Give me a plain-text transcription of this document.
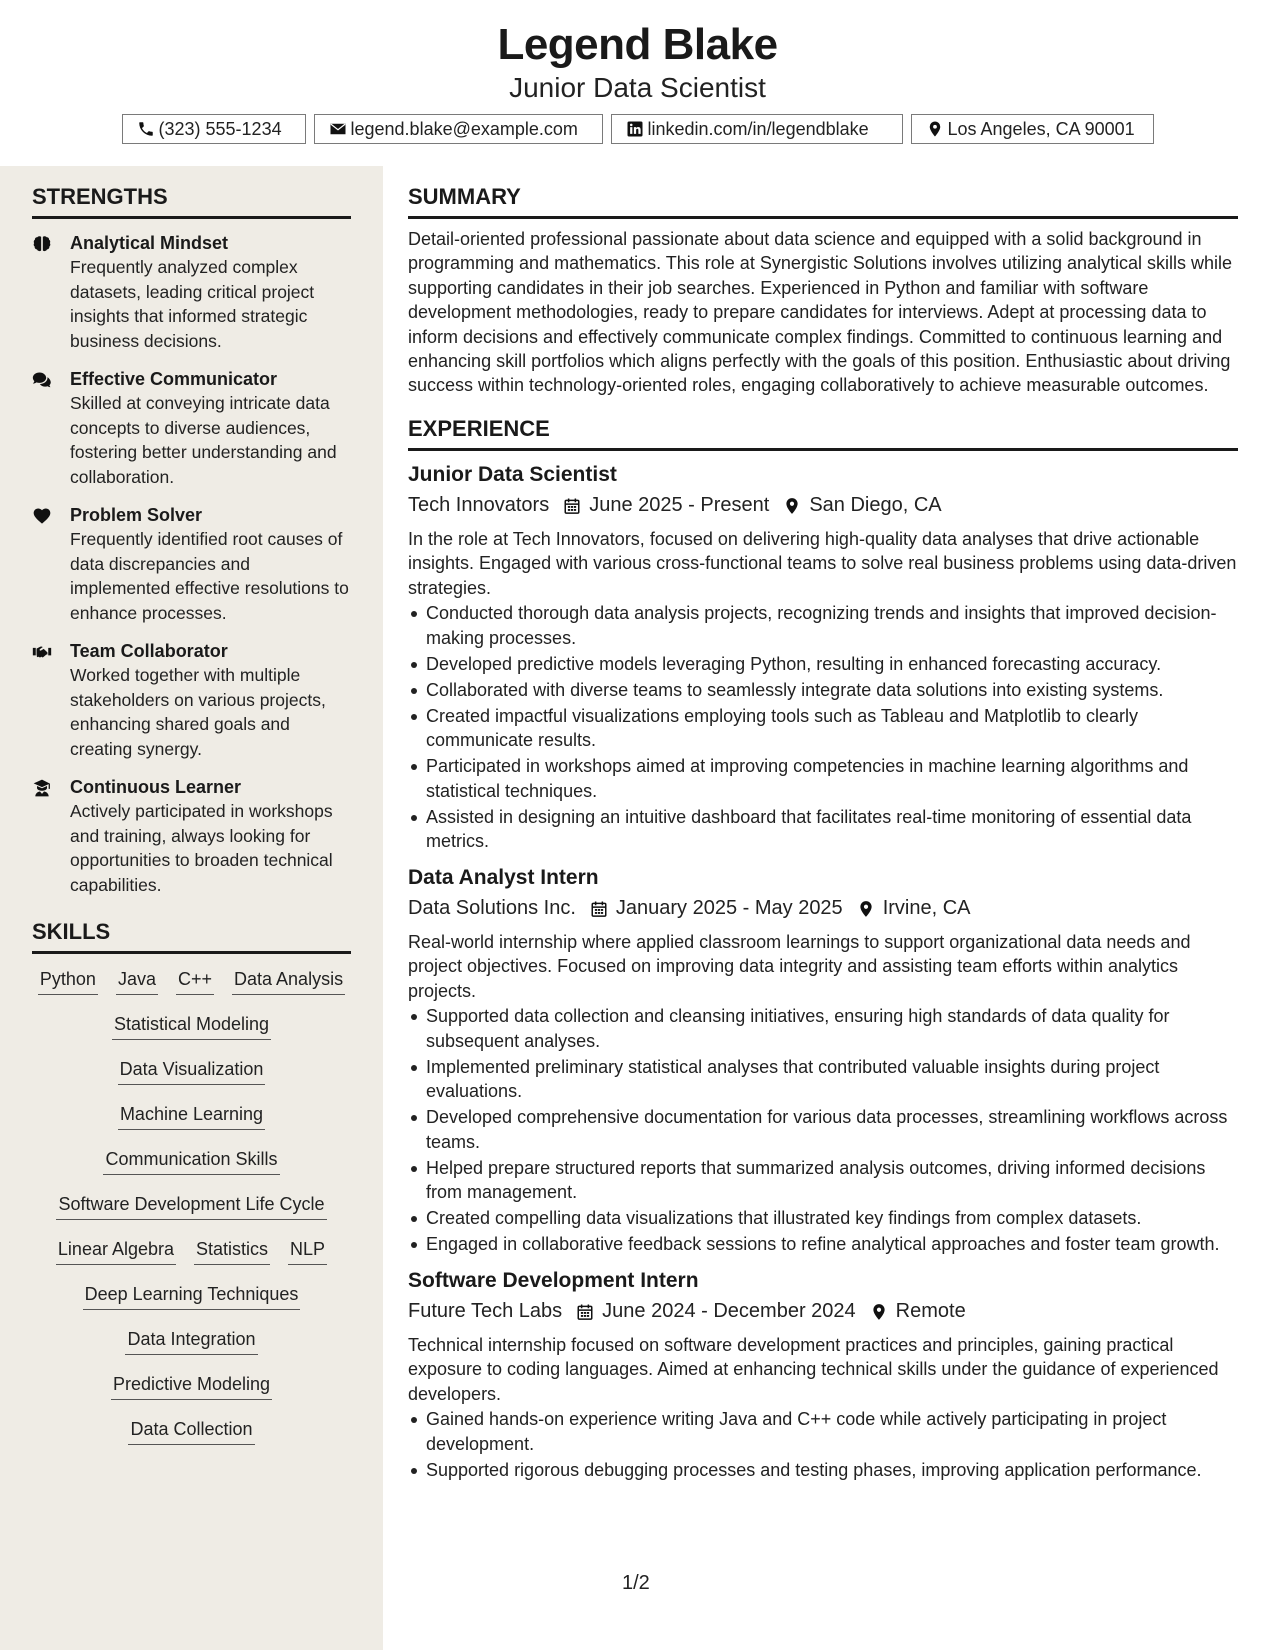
Legend Blake
Junior Data Scientist
(323) 555-1234	legend.blake@example.com	linkedin.com/in/legendblake	Los Angeles, CA 90001
STRENGTHS
Analytical Mindset
Frequently analyzed complex datasets, leading critical project insights that informed strategic business decisions.
Effective Communicator
Skilled at conveying intricate data concepts to diverse audiences, fostering better understanding and collaboration.
Problem Solver
Frequently identified root causes of data discrepancies and implemented effective resolutions to enhance processes.
Team Collaborator
Worked together with multiple stakeholders on various projects, enhancing shared goals and creating synergy.
Continuous Learner
Actively participated in workshops and training, always looking for opportunities to broaden technical capabilities.
SKILLS
Python Java C++ Data Analysis
Statistical Modeling
Data Visualization
Machine Learning
Communication Skills
Software Development Life Cycle
Linear Algebra Statistics NLP
Deep Learning Techniques
Data Integration
Predictive Modeling
Data Collection
SUMMARY
Detail-oriented professional passionate about data science and equipped with a solid background in programming and mathematics. This role at Synergistic Solutions involves utilizing analytical skills while supporting candidates in their job searches. Experienced in Python and familiar with software development methodologies, ready to prepare candidates for interviews. Adept at processing data to inform decisions and effectively communicate complex findings. Committed to continuous learning and enhancing skill portfolios which aligns perfectly with the goals of this position. Enthusiastic about driving success within technology-oriented roles, engaging collaboratively to achieve measurable outcomes.
EXPERIENCE
Junior Data Scientist
Tech Innovators June 2025 - Present San Diego, CA
In the role at Tech Innovators, focused on delivering high-quality data analyses that drive actionable insights. Engaged with various cross-functional teams to solve real business problems using data-driven strategies.
Conducted thorough data analysis projects, recognizing trends and insights that improved decision-making processes.
Developed predictive models leveraging Python, resulting in enhanced forecasting accuracy.
Collaborated with diverse teams to seamlessly integrate data solutions into existing systems.
Created impactful visualizations employing tools such as Tableau and Matplotlib to clearly communicate results.
Participated in workshops aimed at improving competencies in machine learning algorithms and statistical techniques.
Assisted in designing an intuitive dashboard that facilitates real-time monitoring of essential data metrics.
Data Analyst Intern
Data Solutions Inc. January 2025 - May 2025 Irvine, CA
Real-world internship where applied classroom learnings to support organizational data needs and project objectives. Focused on improving data integrity and assisting team efforts within analytics projects.
Supported data collection and cleansing initiatives, ensuring high standards of data quality for subsequent analyses.
Implemented preliminary statistical analyses that contributed valuable insights during project evaluations.
Developed comprehensive documentation for various data processes, streamlining workflows across teams.
Helped prepare structured reports that summarized analysis outcomes, driving informed decisions from management.
Created compelling data visualizations that illustrated key findings from complex datasets.
Engaged in collaborative feedback sessions to refine analytical approaches and foster team growth.
Software Development Intern
Future Tech Labs June 2024 - December 2024 Remote
Technical internship focused on software development practices and principles, gaining practical exposure to coding languages. Aimed at enhancing technical skills under the guidance of experienced developers.
Gained hands-on experience writing Java and C++ code while actively participating in project development.
Supported rigorous debugging processes and testing phases, improving application performance.
1/2
